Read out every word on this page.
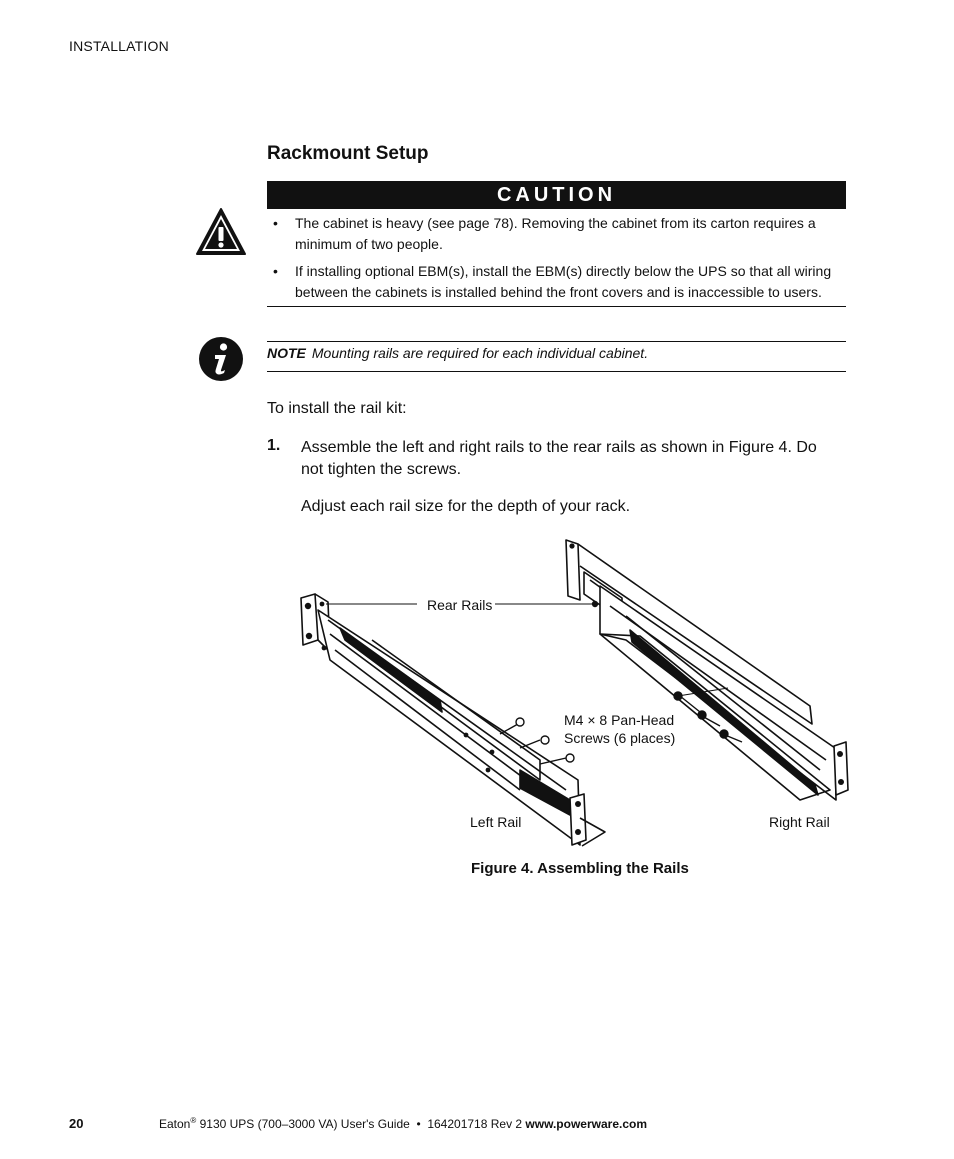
INSTALLATION
Rackmount Setup
CAUTION
• The cabinet is heavy (see page 78). Removing the cabinet from its carton requires a minimum of two people.
• If installing optional EBM(s), install the EBM(s) directly below the UPS so that all wiring between the cabinets is installed behind the front covers and is inaccessible to users.
NOTE Mounting rails are required for each individual cabinet.
To install the rail kit:
1. Assemble the left and right rails to the rear rails as shown in Figure 4. Do not tighten the screws.
Adjust each rail size for the depth of your rack.
Rear Rails
M4 × 8 Pan-Head
Screws (6 places)
Left Rail	Right Rail
Figure 4. Assembling the Rails
20	Eaton® 9130 UPS (700–3000 VA) User's Guide  •  164201718 Rev 2 www.powerware.com
